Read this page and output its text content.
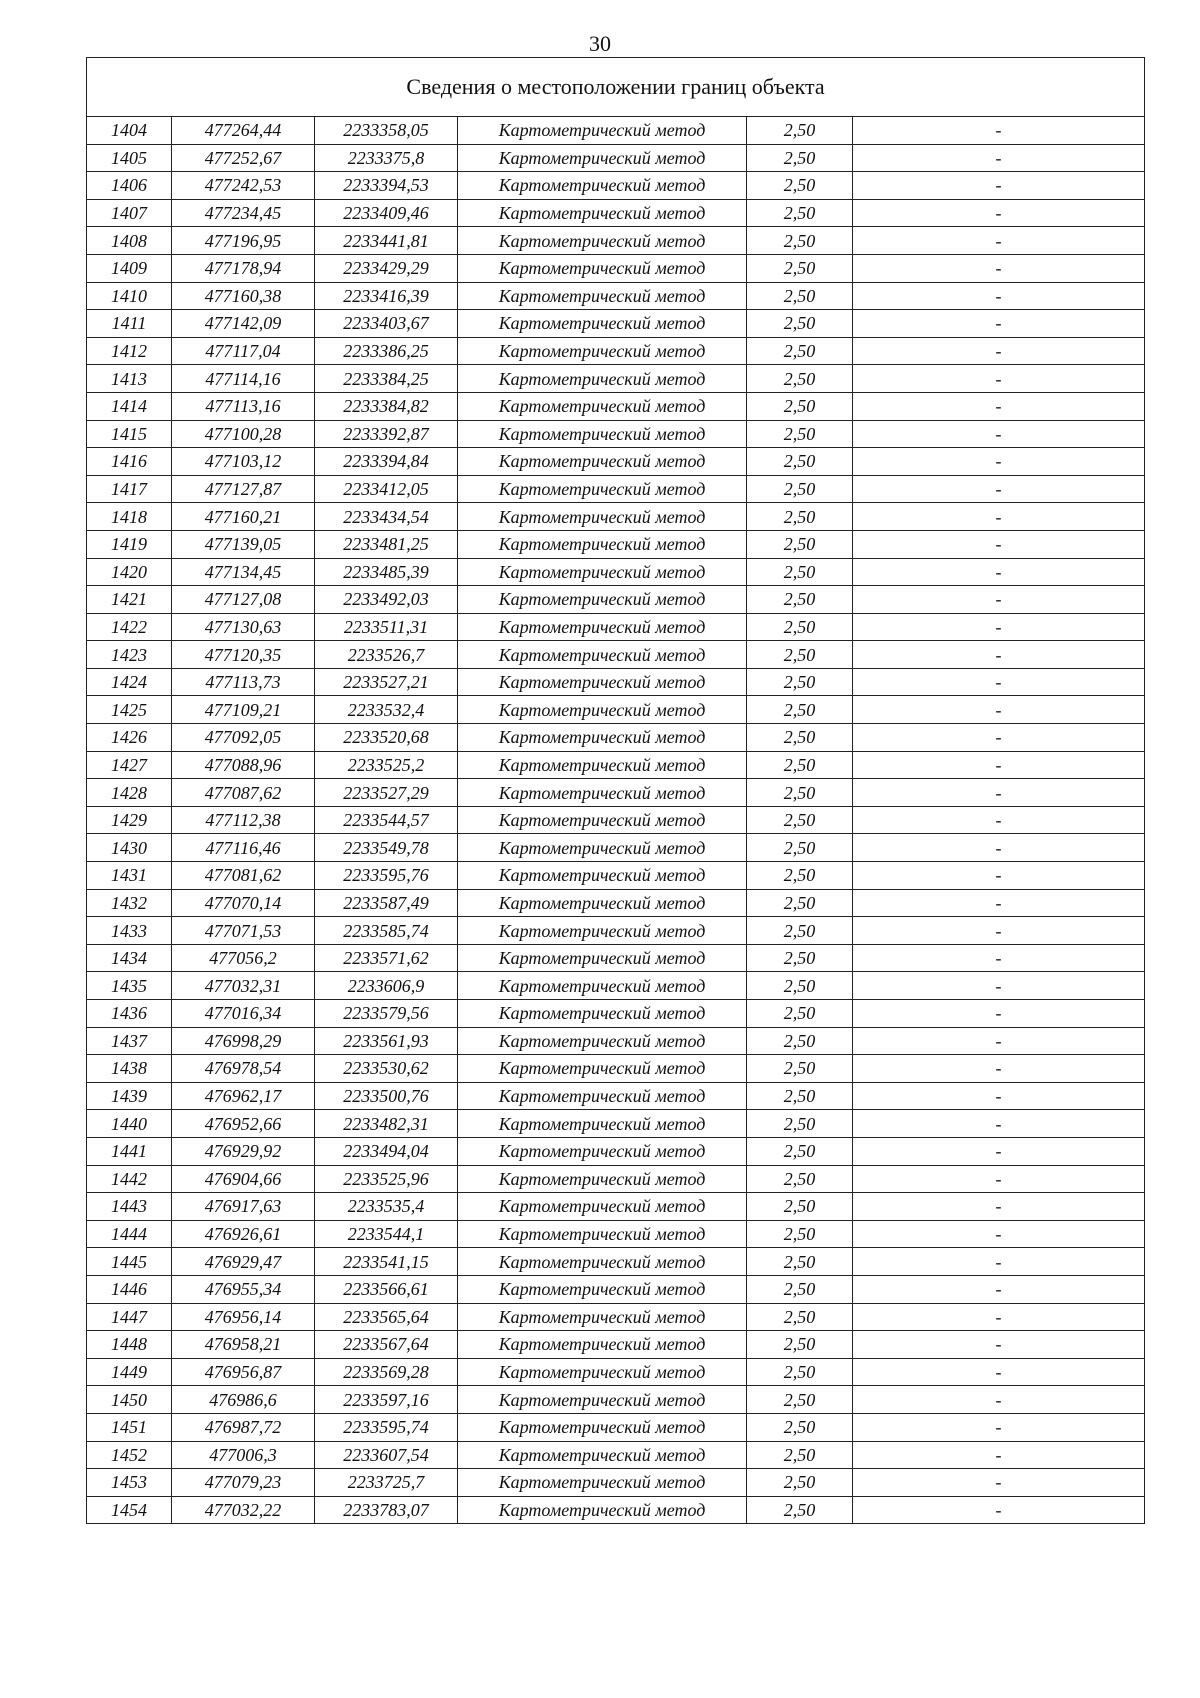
30
Сведения о местоположении границ объекта					
1404	477264,44	2233358,05	Картометрический метод	2,50	-
1405	477252,67	2233375,8	Картометрический метод	2,50	-
1406	477242,53	2233394,53	Картометрический метод	2,50	-
1407	477234,45	2233409,46	Картометрический метод	2,50	-
1408	477196,95	2233441,81	Картометрический метод	2,50	-
1409	477178,94	2233429,29	Картометрический метод	2,50	-
1410	477160,38	2233416,39	Картометрический метод	2,50	-
1411	477142,09	2233403,67	Картометрический метод	2,50	-
1412	477117,04	2233386,25	Картометрический метод	2,50	-
1413	477114,16	2233384,25	Картометрический метод	2,50	-
1414	477113,16	2233384,82	Картометрический метод	2,50	-
1415	477100,28	2233392,87	Картометрический метод	2,50	-
1416	477103,12	2233394,84	Картометрический метод	2,50	-
1417	477127,87	2233412,05	Картометрический метод	2,50	-
1418	477160,21	2233434,54	Картометрический метод	2,50	-
1419	477139,05	2233481,25	Картометрический метод	2,50	-
1420	477134,45	2233485,39	Картометрический метод	2,50	-
1421	477127,08	2233492,03	Картометрический метод	2,50	-
1422	477130,63	2233511,31	Картометрический метод	2,50	-
1423	477120,35	2233526,7	Картометрический метод	2,50	-
1424	477113,73	2233527,21	Картометрический метод	2,50	-
1425	477109,21	2233532,4	Картометрический метод	2,50	-
1426	477092,05	2233520,68	Картометрический метод	2,50	-
1427	477088,96	2233525,2	Картометрический метод	2,50	-
1428	477087,62	2233527,29	Картометрический метод	2,50	-
1429	477112,38	2233544,57	Картометрический метод	2,50	-
1430	477116,46	2233549,78	Картометрический метод	2,50	-
1431	477081,62	2233595,76	Картометрический метод	2,50	-
1432	477070,14	2233587,49	Картометрический метод	2,50	-
1433	477071,53	2233585,74	Картометрический метод	2,50	-
1434	477056,2	2233571,62	Картометрический метод	2,50	-
1435	477032,31	2233606,9	Картометрический метод	2,50	-
1436	477016,34	2233579,56	Картометрический метод	2,50	-
1437	476998,29	2233561,93	Картометрический метод	2,50	-
1438	476978,54	2233530,62	Картометрический метод	2,50	-
1439	476962,17	2233500,76	Картометрический метод	2,50	-
1440	476952,66	2233482,31	Картометрический метод	2,50	-
1441	476929,92	2233494,04	Картометрический метод	2,50	-
1442	476904,66	2233525,96	Картометрический метод	2,50	-
1443	476917,63	2233535,4	Картометрический метод	2,50	-
1444	476926,61	2233544,1	Картометрический метод	2,50	-
1445	476929,47	2233541,15	Картометрический метод	2,50	-
1446	476955,34	2233566,61	Картометрический метод	2,50	-
1447	476956,14	2233565,64	Картометрический метод	2,50	-
1448	476958,21	2233567,64	Картометрический метод	2,50	-
1449	476956,87	2233569,28	Картометрический метод	2,50	-
1450	476986,6	2233597,16	Картометрический метод	2,50	-
1451	476987,72	2233595,74	Картометрический метод	2,50	-
1452	477006,3	2233607,54	Картометрический метод	2,50	-
1453	477079,23	2233725,7	Картометрический метод	2,50	-
1454	477032,22	2233783,07	Картометрический метод	2,50	-
